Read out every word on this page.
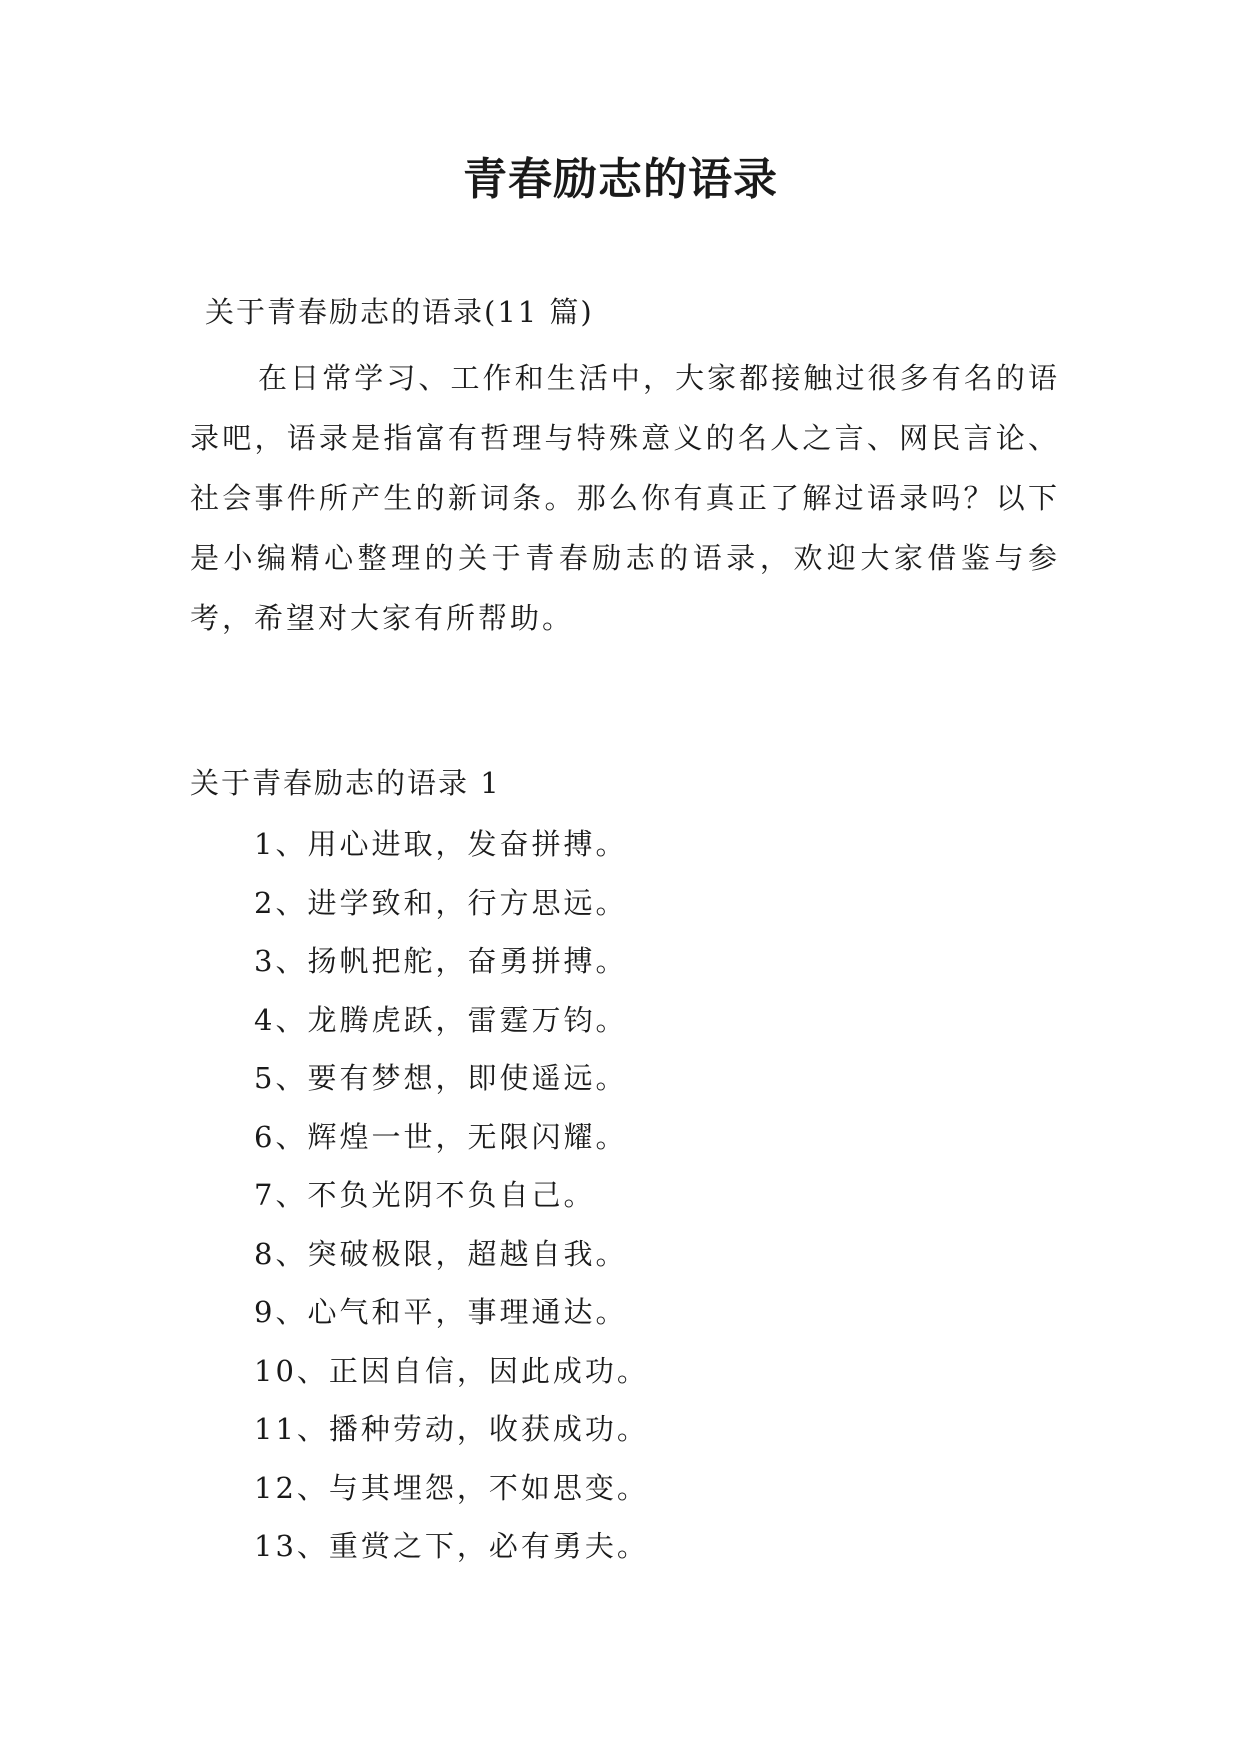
青春励志的语录
关于青春励志的语录(11 篇)

在日常学习、工作和生活中，大家都接触过很多有名的语录吧，语录是指富有哲理与特殊意义的名人之言、网民言论、社会事件所产生的新词条。那么你有真正了解过语录吗？以下是小编精心整理的关于青春励志的语录，欢迎大家借鉴与参考，希望对大家有所帮助。

关于青春励志的语录 1
1、用心进取，发奋拼搏。
2、进学致和，行方思远。
3、扬帆把舵，奋勇拼搏。
4、龙腾虎跃，雷霆万钧。
5、要有梦想，即使遥远。
6、辉煌一世，无限闪耀。
7、不负光阴不负自己。
8、突破极限，超越自我。
9、心气和平，事理通达。
10、正因自信，因此成功。
11、播种劳动，收获成功。
12、与其埋怨，不如思变。
13、重赏之下，必有勇夫。
